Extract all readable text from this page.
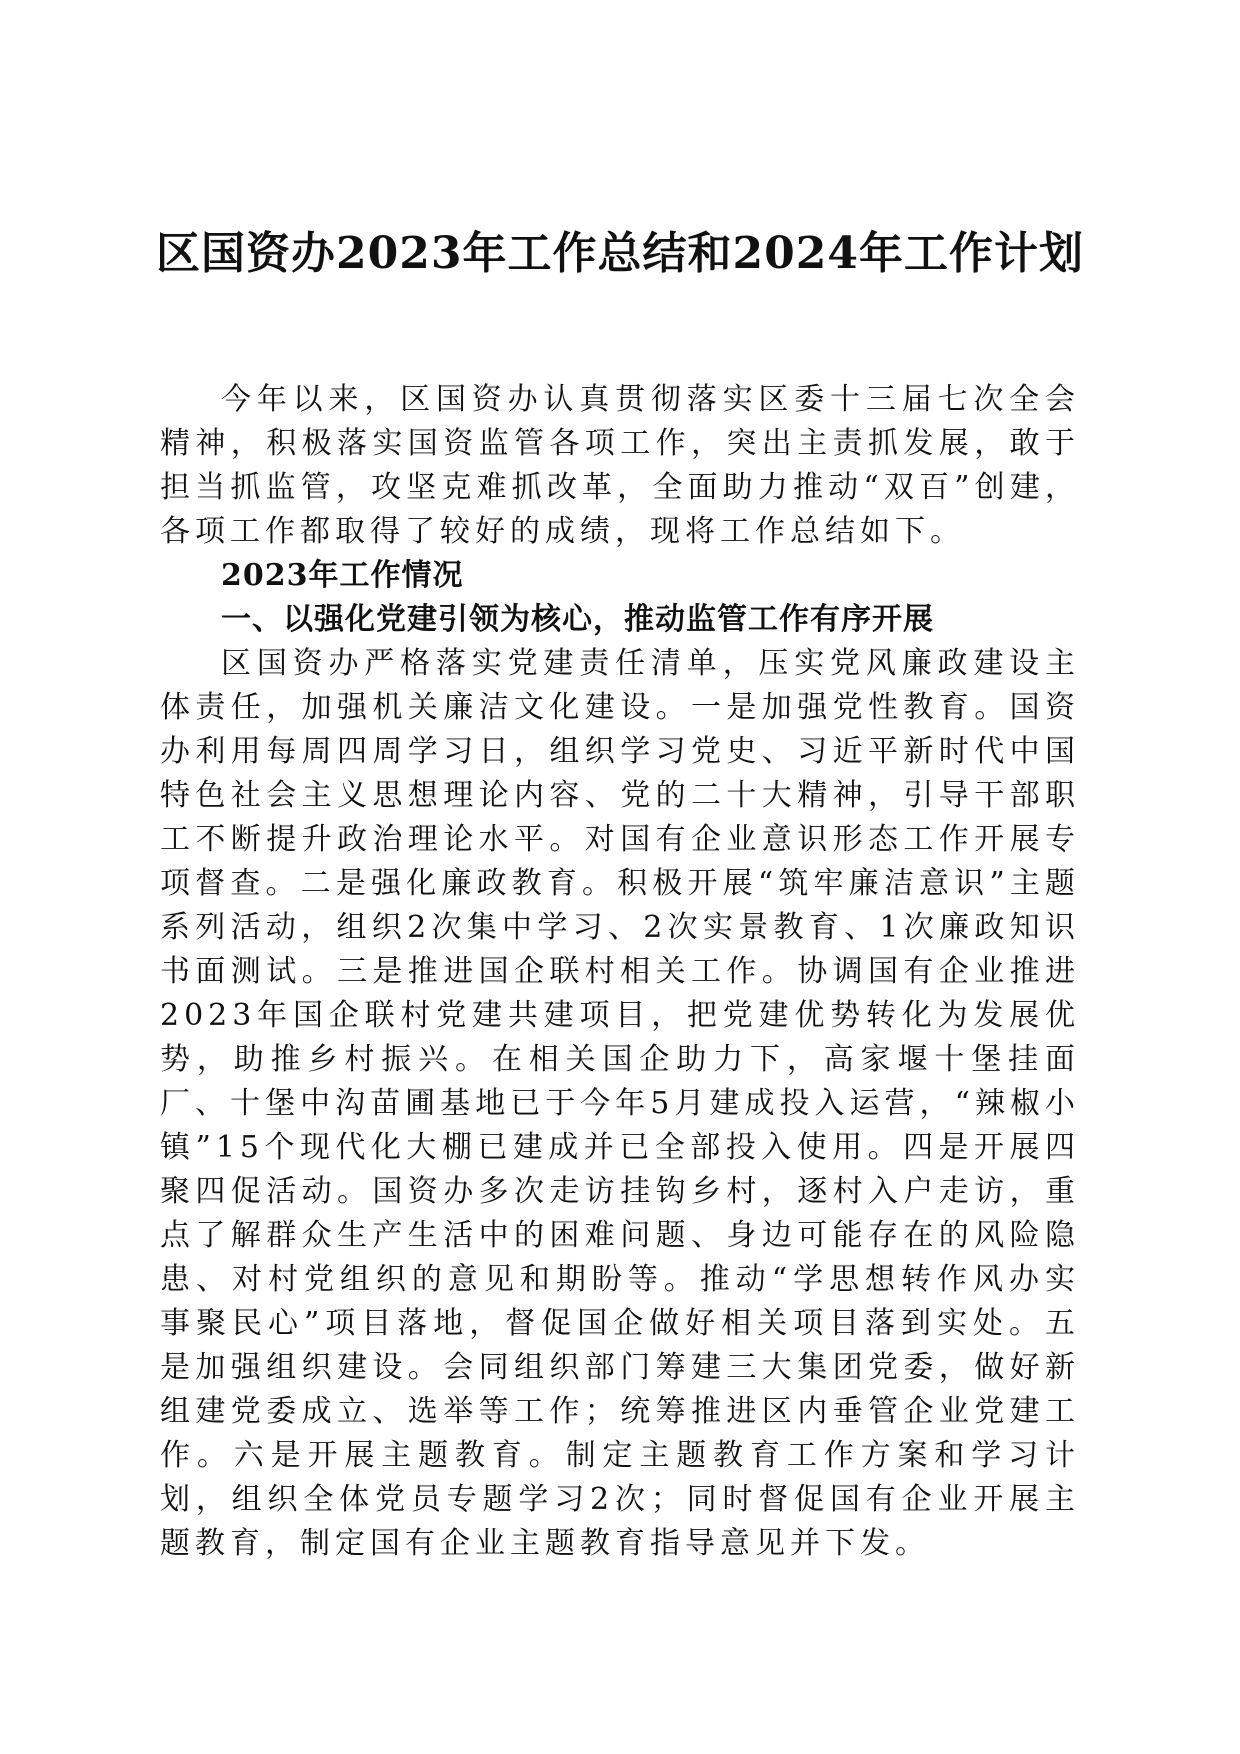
区国资办2023年工作总结和2024年工作计划

今年以来，区国资办认真贯彻落实区委十三届七次全会精神，积极落实国资监管各项工作，突出主责抓发展，敢于担当抓监管，攻坚克难抓改革，全面助力推动“双百”创建，各项工作都取得了较好的成绩，现将工作总结如下。

2023年工作情况

一、以强化党建引领为核心，推动监管工作有序开展

区国资办严格落实党建责任清单，压实党风廉政建设主体责任，加强机关廉洁文化建设。一是加强党性教育。国资办利用每周四周学习日，组织学习党史、习近平新时代中国特色社会主义思想理论内容、党的二十大精神，引导干部职工不断提升政治理论水平。对国有企业意识形态工作开展专项督查。二是强化廉政教育。积极开展“筑牢廉洁意识”主题系列活动，组织2次集中学习、2次实景教育、1次廉政知识书面测试。三是推进国企联村相关工作。协调国有企业推进2023年国企联村党建共建项目，把党建优势转化为发展优势，助推乡村振兴。在相关国企助力下，高家堰十堡挂面厂、十堡中沟苗圃基地已于今年5月建成投入运营，“辣椒小镇”15个现代化大棚已建成并已全部投入使用。四是开展四聚四促活动。国资办多次走访挂钩乡村，逐村入户走访，重点了解群众生产生活中的困难问题、身边可能存在的风险隐患、对村党组织的意见和期盼等。推动“学思想转作风办实事聚民心”项目落地，督促国企做好相关项目落到实处。五是加强组织建设。会同组织部门筹建三大集团党委，做好新组建党委成立、选举等工作；统筹推进区内垂管企业党建工作。六是开展主题教育。制定主题教育工作方案和学习计划，组织全体党员专题学习2次；同时督促国有企业开展主题教育，制定国有企业主题教育指导意见并下发。
